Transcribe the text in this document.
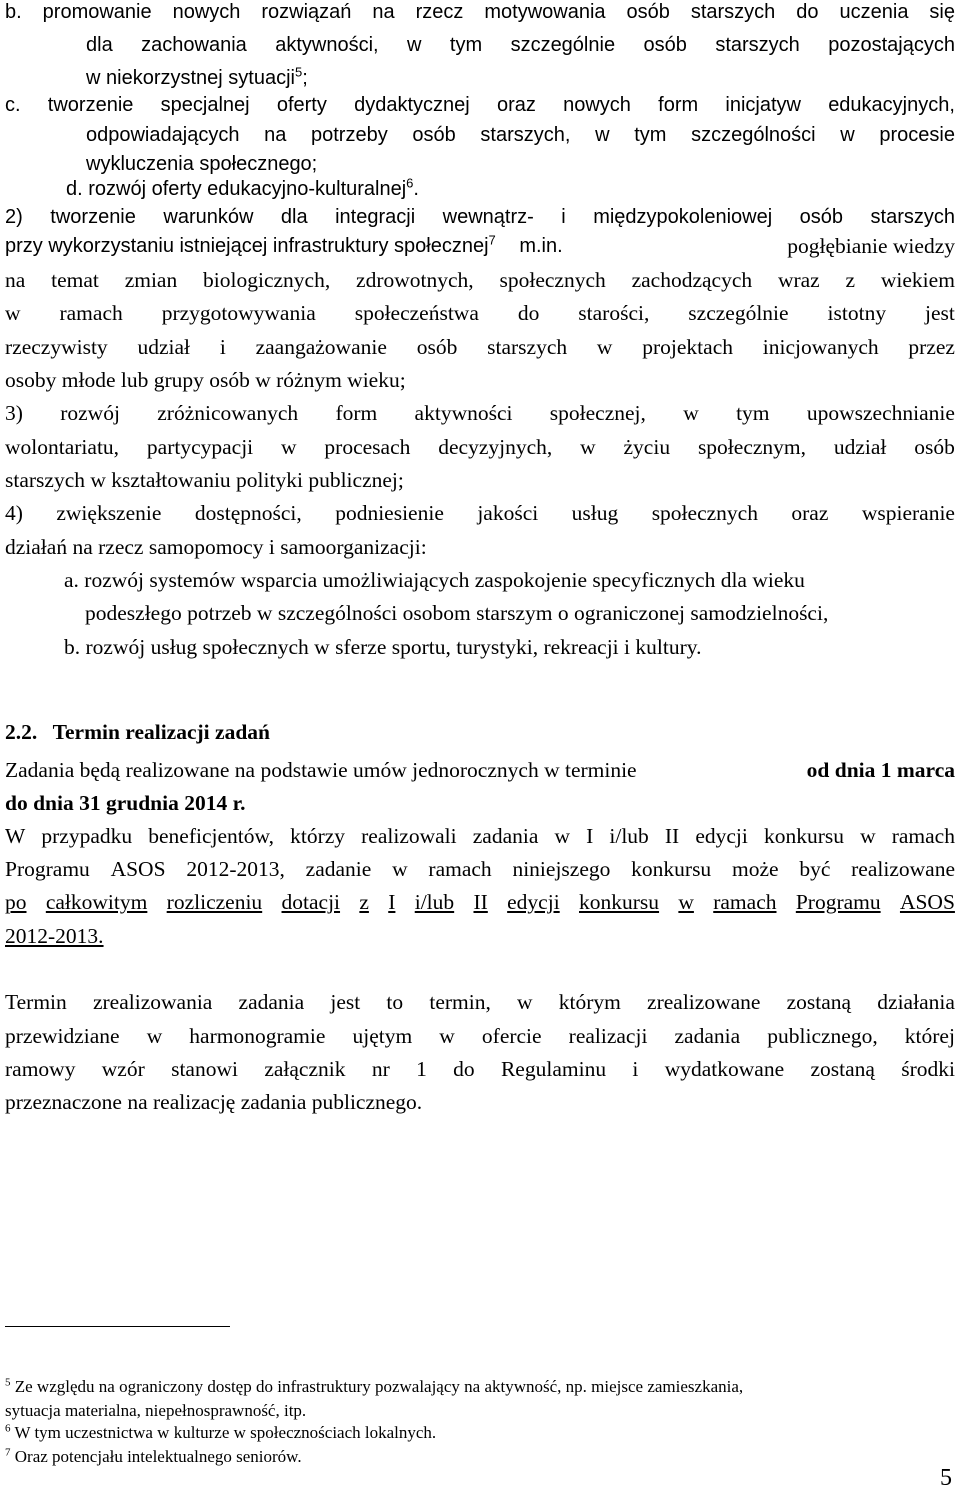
b. promowanie nowych rozwiązań na rzecz motywowania osób starszych do uczenia się
dla zachowania aktywności, w tym szczególnie osób starszych pozostających
w niekorzystnej sytuacji$^5$;
c. tworzenie specjalnej oferty dydaktycznej oraz nowych form inicjatyw edukacyjnych,
odpowiadających na potrzeby osób starszych, w tym szczególności w procesie
wykluczenia społecznego;
d. rozwój oferty edukacyjno-kulturalnej$^6$.
2) tworzenie warunków dla integracji wewnątrz- i międzypokoleniowej osób starszych
przy wykorzystaniu istniejącej infrastruktury społecznej$^7$ m.in.	pogłębianie wiedzy
na temat zmian biologicznych, zdrowotnych, społecznych zachodzących wraz z wiekiem
w ramach przygotowywania społeczeństwa do starości, szczególnie istotny jest
rzeczywisty udział i zaangażowanie osób starszych w projektach inicjowanych przez
osoby młode lub grupy osób w różnym wieku;
3) rozwój zróżnicowanych form aktywności społecznej, w tym upowszechnianie
wolontariatu, partycypacji w procesach decyzyjnych, w życiu społecznym, udział osób
starszych w kształtowaniu polityki publicznej;
4) zwiększenie dostępności, podniesienie jakości usług społecznych oraz wspieranie
działań na rzecz samopomocy i samoorganizacji:
a. rozwój systemów wsparcia umożliwiających zaspokojenie specyficznych dla wieku
podeszłego potrzeb w szczególności osobom starszym o ograniczonej samodzielności,
b. rozwój usług społecznych w sferze sportu, turystyki, rekreacji i kultury.
2.2. Termin realizacji zadań
Zadania będą realizowane na podstawie umów jednorocznych w terminie	od dnia 1 marca
do dnia 31 grudnia 2014 r.
W przypadku beneficjentów, którzy realizowali zadania w I i/lub II edycji konkursu w ramach
Programu ASOS 2012-2013, zadanie w ramach niniejszego konkursu może być realizowane
po całkowitym rozliczeniu dotacji z I i/lub II edycji konkursu w ramach Programu ASOS
2012-2013.
Termin zrealizowania zadania jest to termin, w którym zrealizowane zostaną działania
przewidziane w harmonogramie ujętym w ofercie realizacji zadania publicznego, której
ramowy wzór stanowi załącznik nr 1 do Regulaminu i wydatkowane zostaną środki
przeznaczone na realizację zadania publicznego.
$^5$ Ze względu na ograniczony dostęp do infrastruktury pozwalający na aktywność, np. miejsce zamieszkania,
sytuacja materialna, niepełnosprawność, itp.
$^6$ W tym uczestnictwa w kulturze w społecznościach lokalnych.
$^7$ Oraz potencjału intelektualnego seniorów.
5
